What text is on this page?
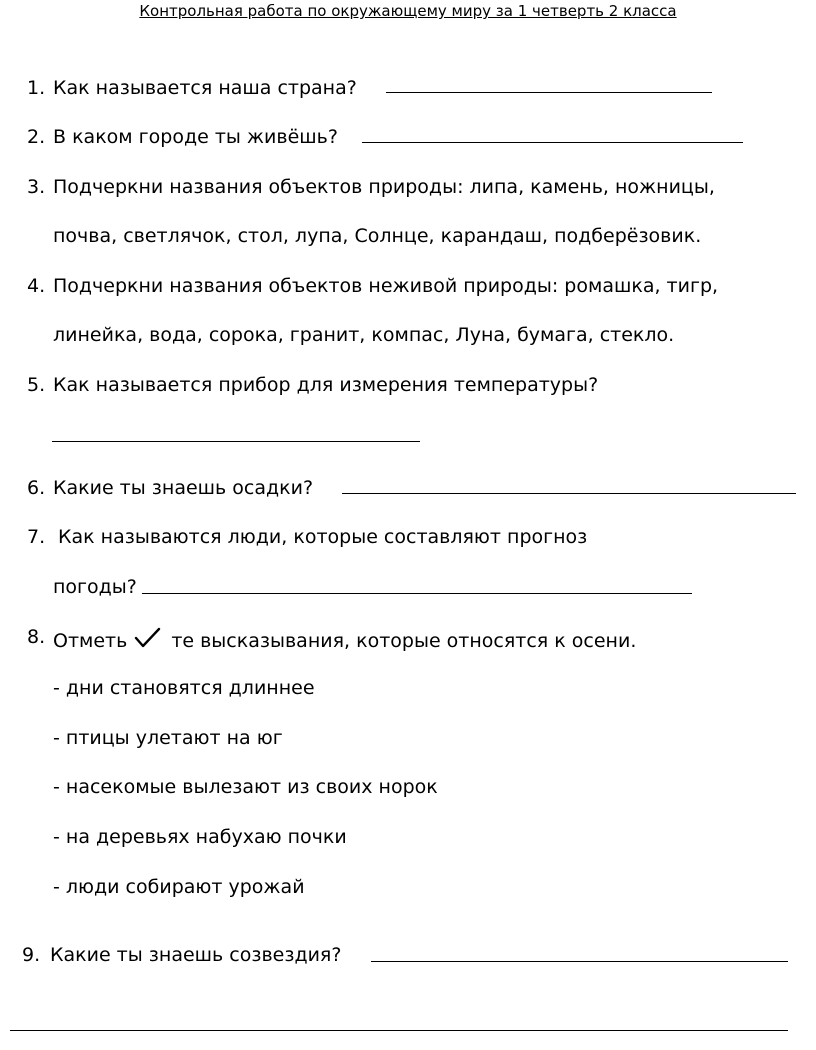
Контрольная работа по окружающему миру за 1 четверть 2 класса
1. Как называется наша страна?
2. В каком городе ты живёшь?
3. Подчеркни названия объектов природы: липа, камень, ножницы,
почва, светлячок, стол, лупа, Солнце, карандаш, подберёзовик.
4. Подчеркни названия объектов неживой природы: ромашка, тигр,
линейка, вода, сорока, гранит, компас, Луна, бумага, стекло.
5. Как называется прибор для измерения температуры?
6. Какие ты знаешь осадки?
7. Как называются люди, которые составляют прогноз
погоды?
8. Отметь те высказывания, которые относятся к осени.
- дни становятся длиннее
- птицы улетают на юг
- насекомые вылезают из своих норок
- на деревьях набухаю почки
- люди собирают урожай
9. Какие ты знаешь созвездия?
